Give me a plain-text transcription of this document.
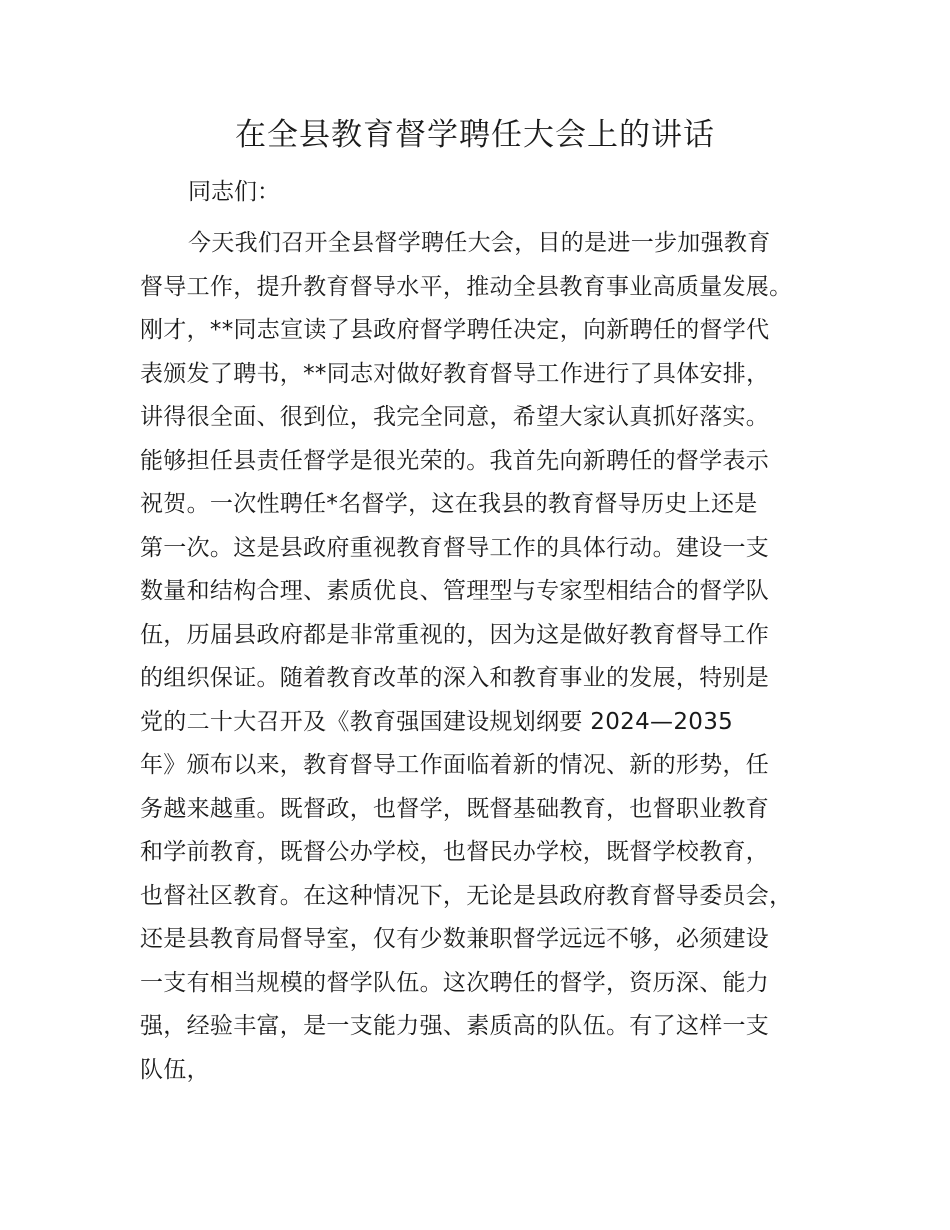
在全县教育督学聘任大会上的讲话

同志们：

今天我们召开全县督学聘任大会，目的是进一步加强教育
督导工作，提升教育督导水平，推动全县教育事业高质量发展。
刚才，**同志宣读了县政府督学聘任决定，向新聘任的督学代
表颁发了聘书，**同志对做好教育督导工作进行了具体安排，
讲得很全面、很到位，我完全同意，希望大家认真抓好落实。
能够担任县责任督学是很光荣的。我首先向新聘任的督学表示
祝贺。一次性聘任*名督学，这在我县的教育督导历史上还是
第一次。这是县政府重视教育督导工作的具体行动。建设一支
数量和结构合理、素质优良、管理型与专家型相结合的督学队
伍，历届县政府都是非常重视的，因为这是做好教育督导工作
的组织保证。随着教育改革的深入和教育事业的发展，特别是
党的二十大召开及《教育强国建设规划纲要 2024—2035
年》颁布以来，教育督导工作面临着新的情况、新的形势，任
务越来越重。既督政，也督学，既督基础教育，也督职业教育
和学前教育，既督公办学校，也督民办学校，既督学校教育，
也督社区教育。在这种情况下，无论是县政府教育督导委员会，
还是县教育局督导室，仅有少数兼职督学远远不够，必须建设
一支有相当规模的督学队伍。这次聘任的督学，资历深、能力
强，经验丰富，是一支能力强、素质高的队伍。有了这样一支
队伍，
